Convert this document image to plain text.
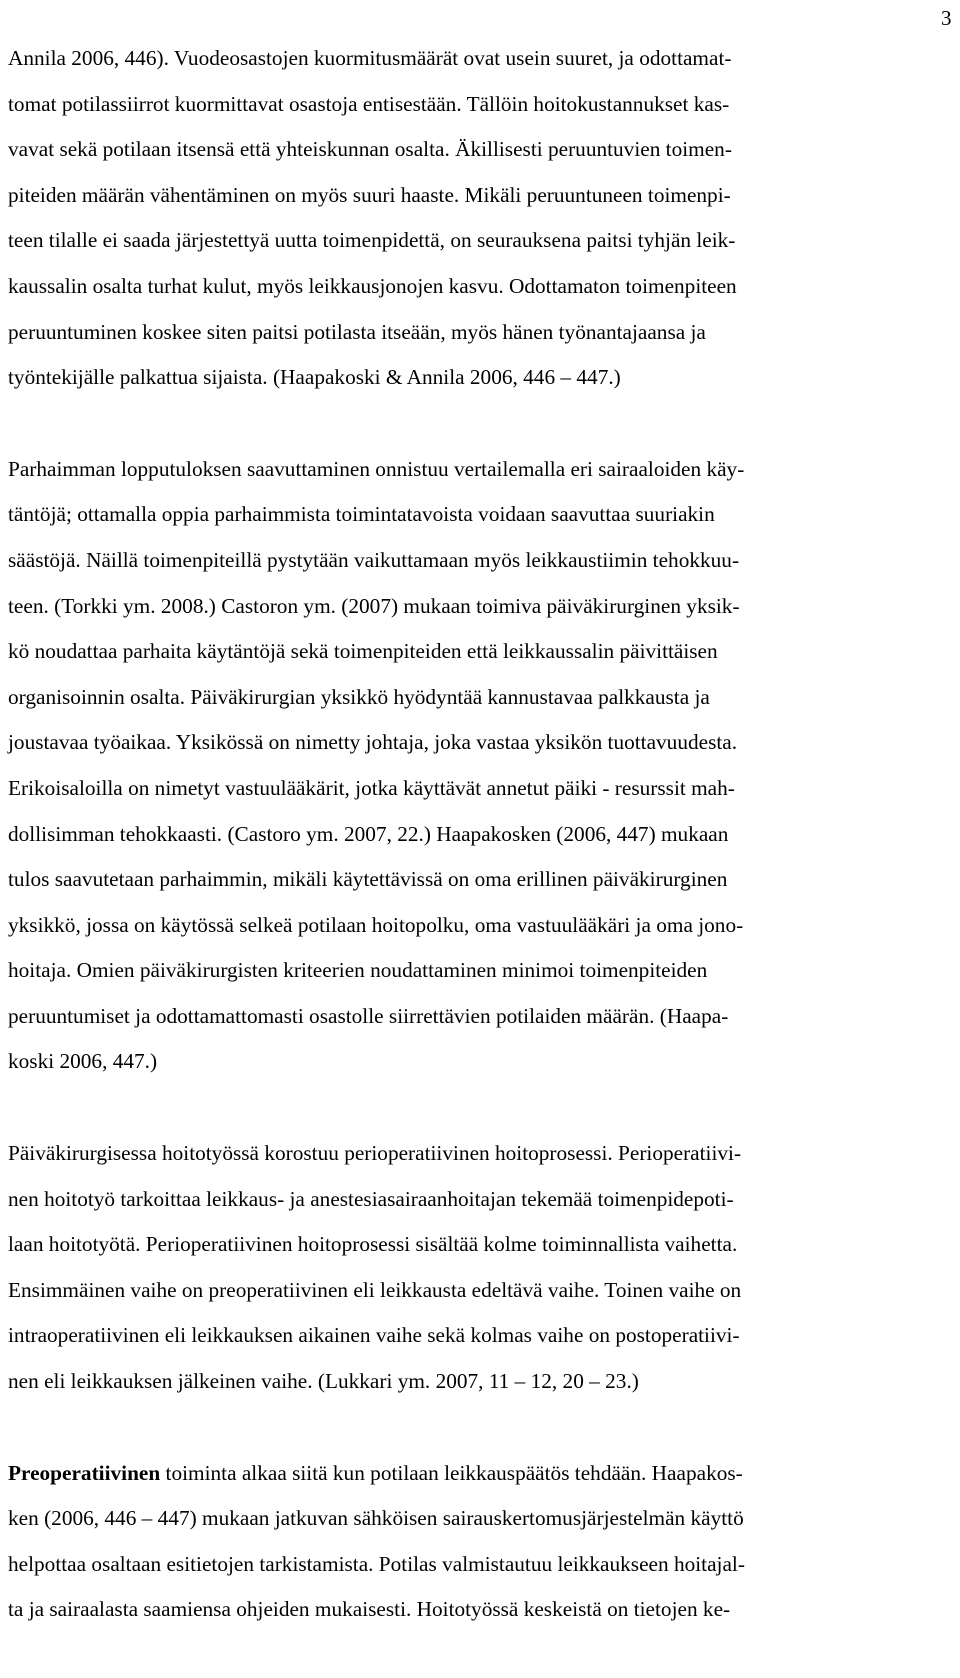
3
Annila 2006, 446). Vuodeosastojen kuormitusmäärät ovat usein suuret, ja odottamat-
tomat potilassiirrot kuormittavat osastoja entisestään. Tällöin hoitokustannukset kas-
vavat sekä potilaan itsensä että yhteiskunnan osalta. Äkillisesti peruuntuvien toimen-
piteiden määrän vähentäminen on myös suuri haaste. Mikäli peruuntuneen toimenpi-
teen tilalle ei saada järjestettyä uutta toimenpidettä, on seurauksena paitsi tyhjän leik-
kaussalin osalta turhat kulut, myös leikkausjonojen kasvu. Odottamaton toimenpiteen
peruuntuminen koskee siten paitsi potilasta itseään, myös hänen työnantajaansa ja
työntekijälle palkattua sijaista. (Haapakoski & Annila 2006, 446 – 447.)
Parhaimman lopputuloksen saavuttaminen onnistuu vertailemalla eri sairaaloiden käy-
täntöjä; ottamalla oppia parhaimmista toimintatavoista voidaan saavuttaa suuriakin
säästöjä. Näillä toimenpiteillä pystytään vaikuttamaan myös leikkaustiimin tehokkuu-
teen. (Torkki ym. 2008.) Castoron ym. (2007) mukaan toimiva päiväkirurginen yksik-
kö noudattaa parhaita käytäntöjä sekä toimenpiteiden että leikkaussalin päivittäisen
organisoinnin osalta. Päiväkirurgian yksikkö hyödyntää kannustavaa palkkausta ja
joustavaa työaikaa. Yksikössä on nimetty johtaja, joka vastaa yksikön tuottavuudesta.
Erikoisaloilla on nimetyt vastuulääkärit, jotka käyttävät annetut päiki - resurssit mah-
dollisimman tehokkaasti. (Castoro ym. 2007, 22.) Haapakosken (2006, 447) mukaan
tulos saavutetaan parhaimmin, mikäli käytettävissä on oma erillinen päiväkirurginen
yksikkö, jossa on käytössä selkeä potilaan hoitopolku, oma vastuulääkäri ja oma jono-
hoitaja. Omien päiväkirurgisten kriteerien noudattaminen minimoi toimenpiteiden
peruuntumiset ja odottamattomasti osastolle siirrettävien potilaiden määrän. (Haapa-
koski 2006, 447.)
Päiväkirurgisessa hoitotyössä korostuu perioperatiivinen hoitoprosessi. Perioperatiivi-
nen hoitotyö tarkoittaa leikkaus- ja anestesiasairaanhoitajan tekemää toimenpidepoti-
laan hoitotyötä. Perioperatiivinen hoitoprosessi sisältää kolme toiminnallista vaihetta.
Ensimmäinen vaihe on preoperatiivinen eli leikkausta edeltävä vaihe. Toinen vaihe on
intraoperatiivinen eli leikkauksen aikainen vaihe sekä kolmas vaihe on postoperatiivi-
nen eli leikkauksen jälkeinen vaihe. (Lukkari ym. 2007, 11 – 12, 20 – 23.)
Preoperatiivinen toiminta alkaa siitä kun potilaan leikkauspäätös tehdään. Haapakos-
ken (2006, 446 – 447) mukaan jatkuvan sähköisen sairauskertomusjärjestelmän käyttö
helpottaa osaltaan esitietojen tarkistamista. Potilas valmistautuu leikkaukseen hoitajal-
ta ja sairaalasta saamiensa ohjeiden mukaisesti. Hoitotyössä keskeistä on tietojen ke-
